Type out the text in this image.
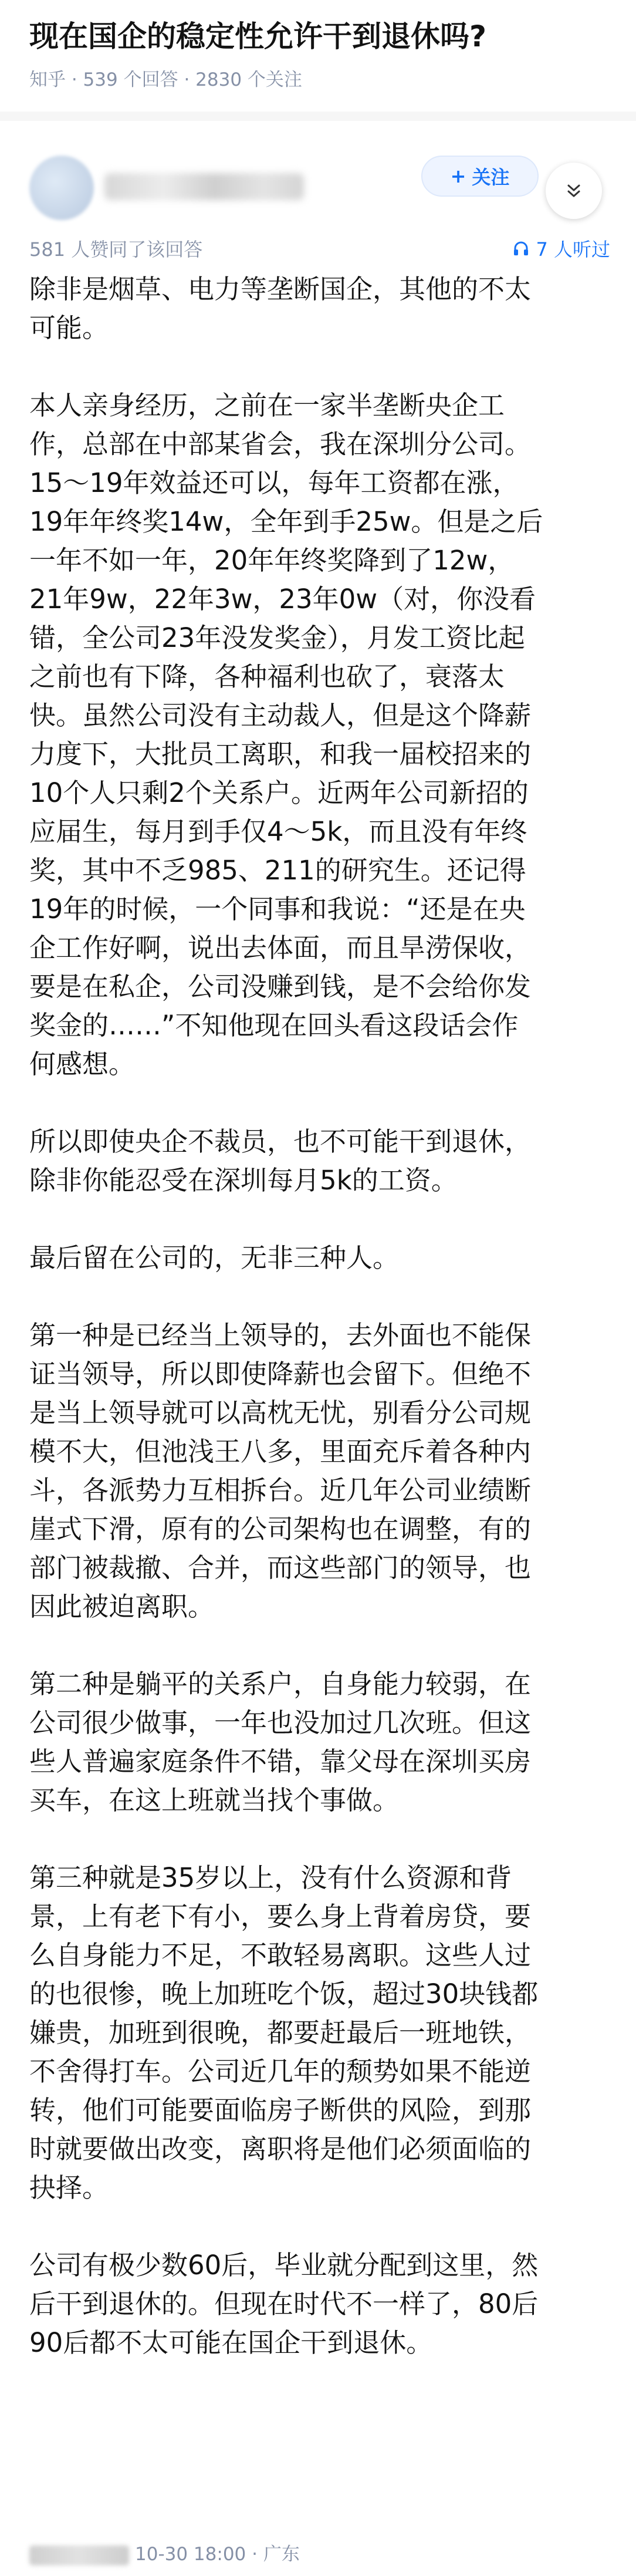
现在国企的稳定性允许干到退休吗?
知乎 · 539 个回答 · 2830 个关注
+ 关注
581 人赞同了该回答	7 人听过

除非是烟草、电力等垄断国企，其他的不太

可能。

本人亲身经历，之前在一家半垄断央企工

作，总部在中部某省会，我在深圳分公司。

15～19年效益还可以，每年工资都在涨，

19年年终奖14w，全年到手25w。但是之后

一年不如一年，20年年终奖降到了12w，

21年9w，22年3w，23年0w（对，你没看

错，全公司23年没发奖金），月发工资比起

之前也有下降，各种福利也砍了，衰落太

快。虽然公司没有主动裁人，但是这个降薪

力度下，大批员工离职，和我一届校招来的

10个人只剩2个关系户。近两年公司新招的

应届生，每月到手仅4～5k，而且没有年终

奖，其中不乏985、211的研究生。还记得

19年的时候，一个同事和我说：“还是在央

企工作好啊，说出去体面，而且旱涝保收，

要是在私企，公司没赚到钱，是不会给你发

奖金的……”不知他现在回头看这段话会作

何感想。

所以即使央企不裁员，也不可能干到退休，

除非你能忍受在深圳每月5k的工资。

最后留在公司的，无非三种人。

第一种是已经当上领导的，去外面也不能保

证当领导，所以即使降薪也会留下。但绝不

是当上领导就可以高枕无忧，别看分公司规

模不大，但池浅王八多，里面充斥着各种内

斗，各派势力互相拆台。近几年公司业绩断

崖式下滑，原有的公司架构也在调整，有的

部门被裁撤、合并，而这些部门的领导，也

因此被迫离职。

第二种是躺平的关系户，自身能力较弱，在

公司很少做事，一年也没加过几次班。但这

些人普遍家庭条件不错，靠父母在深圳买房

买车，在这上班就当找个事做。

第三种就是35岁以上，没有什么资源和背

景，上有老下有小，要么身上背着房贷，要

么自身能力不足，不敢轻易离职。这些人过

的也很惨，晚上加班吃个饭，超过30块钱都

嫌贵，加班到很晚，都要赶最后一班地铁，

不舍得打车。公司近几年的颓势如果不能逆

转，他们可能要面临房子断供的风险，到那

时就要做出改变，离职将是他们必须面临的

抉择。

公司有极少数60后，毕业就分配到这里，然

后干到退休的。但现在时代不一样了，80后

90后都不太可能在国企干到退休。

10-30 18:00 · 广东
